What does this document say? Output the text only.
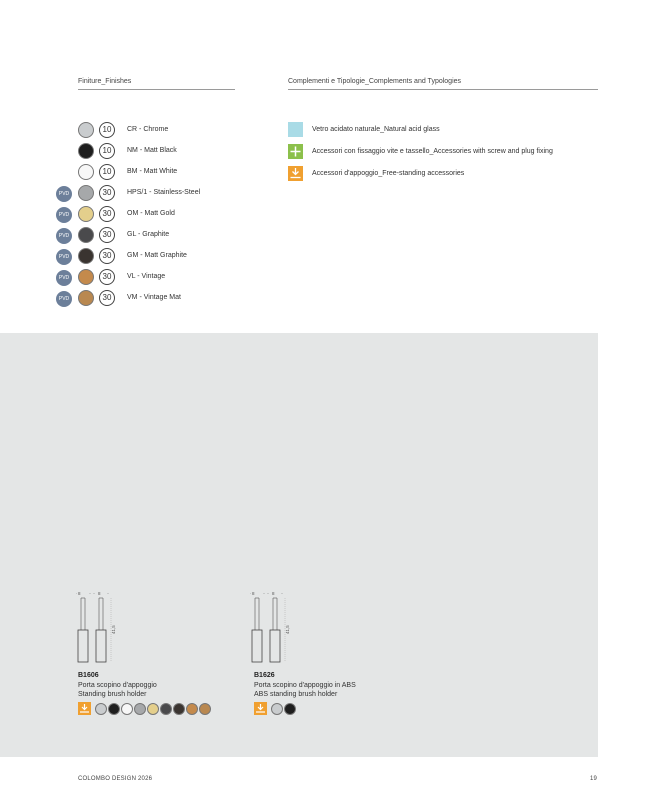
Finiture_Finishes	Complementi e Tipologie_Complements and Typologies
10	CR - Chrome
10	NM - Matt Black
10	BM - Matt White
PVD	30	HPS/1 - Stainless-Steel
PVD	30	OM - Matt Gold
PVD	30	GL - Graphite
PVD	30	GM - Matt Graphite
PVD	30	VL - Vintage
PVD	30	VM - Vintage Mat
Vetro acidato naturale_Natural acid glass
Accessori con fissaggio vite e tassello_Accessories with screw and plug fixing
Accessori d'appoggio_Free-standing accessories
8	8
41,5
B1606
Porta scopino d'appoggio
Standing brush holder
8	8
41,5
B1626
Porta scopino d'appoggio in ABS
ABS standing brush holder
COLOMBO DESIGN 2026	19
